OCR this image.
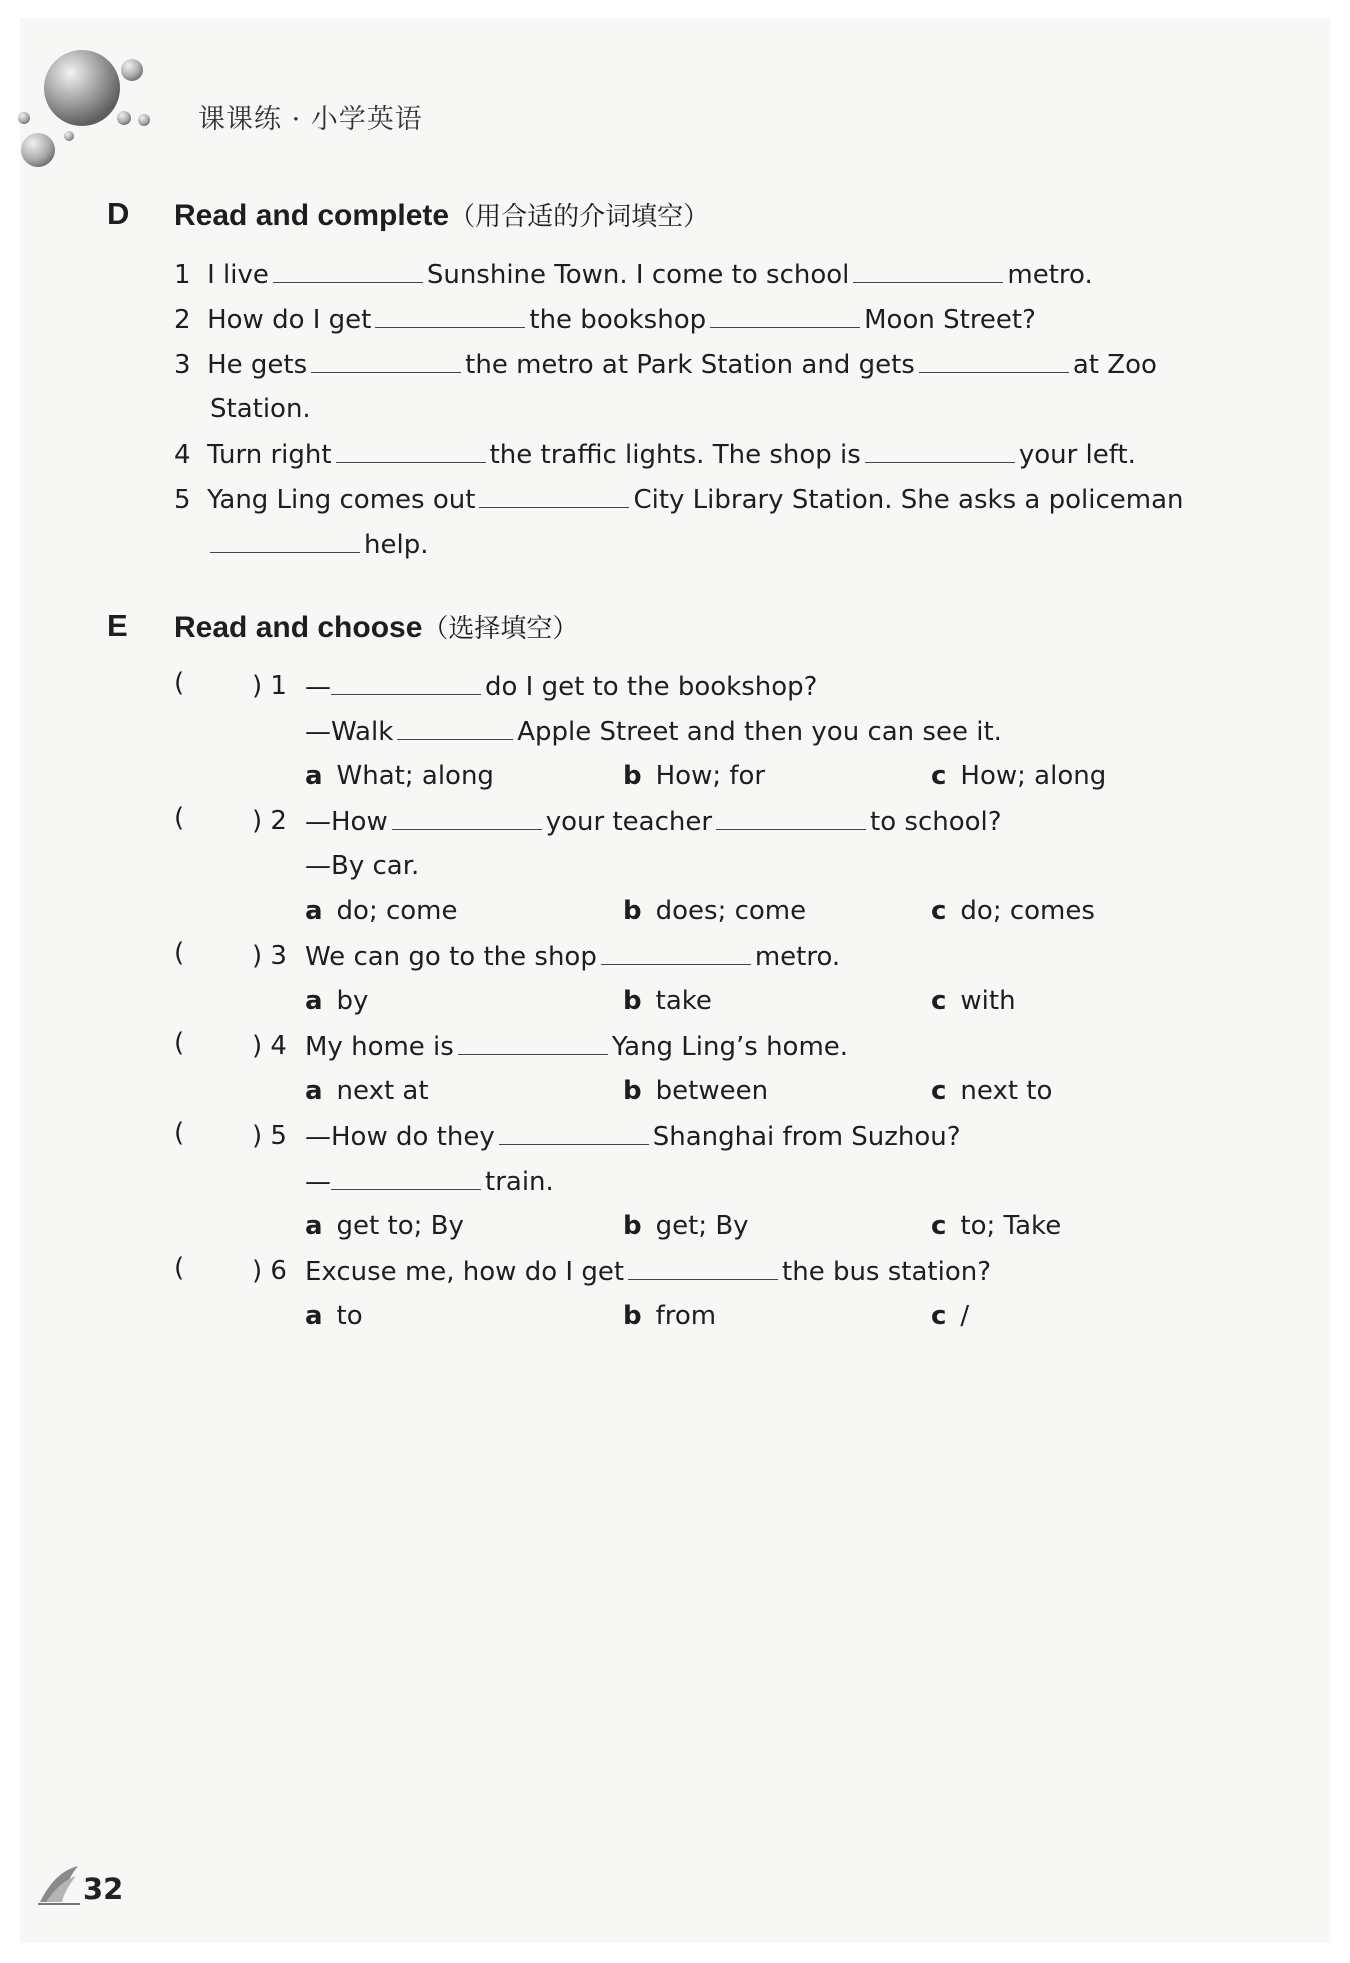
课课练 · 小学英语
D Read and complete（用合适的介词填空）
1 I live	Sunshine Town. I come to school	metro.
2 How do I get	the bookshop	Moon Street?
3 He gets	the metro at Park Station and gets	at Zoo
Station.
4 Turn right	the traffic lights. The shop is	your left.
5 Yang Ling comes out	City Library Station. She asks a policeman
help.
E Read and choose（选择填空）
(	) 1 —	do I get to the bookshop?
—Walk	Apple Street and then you can see it.
a What; along	b How; for	c How; along
(	) 2 —How	your teacher	to school?
—By car.
a do; come	b does; come	c do; comes
(	) 3 We can go to the shop	metro.
a by	b take	c with
(	) 4 My home is	Yang Ling’s home.
a next at	b between	c next to
(	) 5 —How do they	Shanghai from Suzhou?
—	train.
a get to; By	b get; By	c to; Take
(	) 6 Excuse me, how do I get	the bus station?
a to	b from	c /
32
